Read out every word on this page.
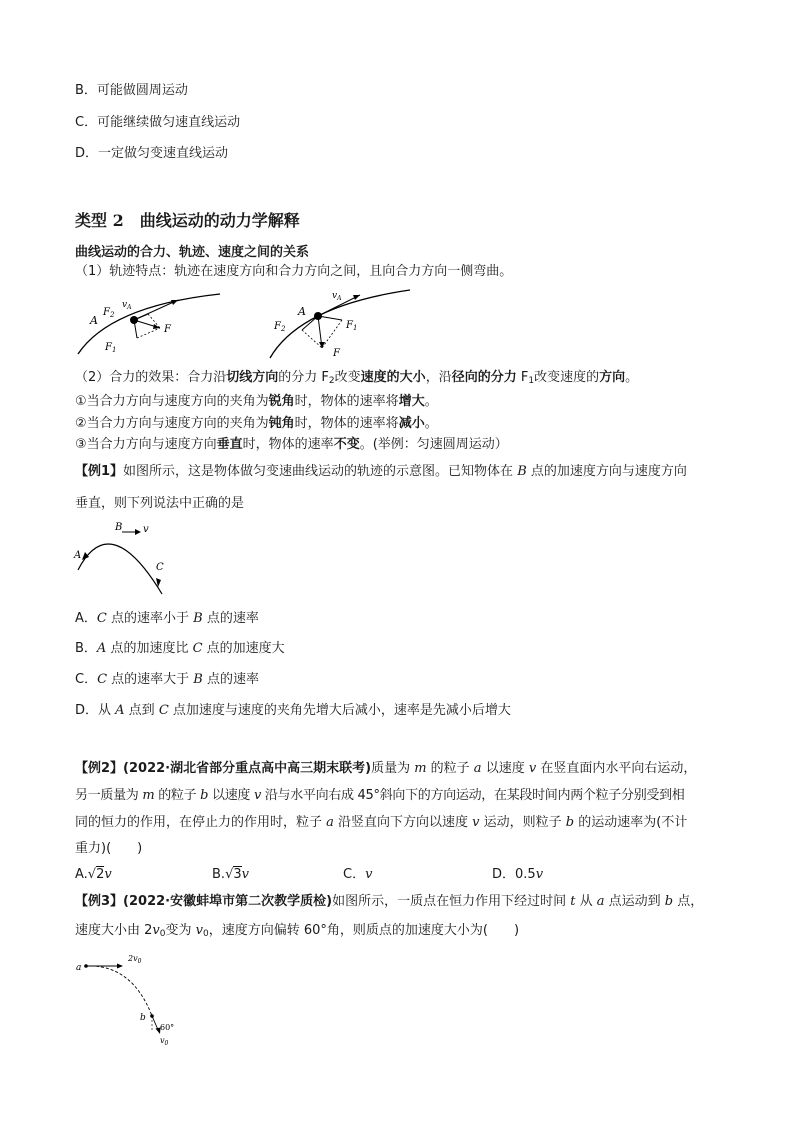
B．可能做圆周运动
C．可能继续做匀速直线运动
D．一定做匀变速直线运动
类型 2　曲线运动的动力学解释
曲线运动的合力、轨迹、速度之间的关系
（1）轨迹特点：轨迹在速度方向和合力方向之间，且向合力方向一侧弯曲。
$v_A$
A
$F_2$
F
$F_1$
A
$v_A$
$F_2$	$F_1$
F
（2）合力的效果：合力沿切线方向的分力 $F_2$改变速度的大小，沿径向的分力 $F_1$改变速度的方向。
①当合力方向与速度方向的夹角为锐角时，物体的速率将增大。
②当合力方向与速度方向的夹角为钝角时，物体的速率将减小。
③当合力方向与速度方向垂直时，物体的速率不变。(举例：匀速圆周运动）
【例1】如图所示，这是物体做匀变速曲线运动的轨迹的示意图。已知物体在 B 点的加速度方向与速度方向
垂直，则下列说法中正确的是
B v
A
C
A．C 点的速率小于 B 点的速率
B．A 点的加速度比 C 点的加速度大
C．C 点的速率大于 B 点的速率
D．从 A 点到 C 点加速度与速度的夹角先增大后减小，速率是先减小后增大
【例2】(2022·湖北省部分重点高中高三期末联考)质量为 m 的粒子 a 以速度 v 在竖直面内水平向右运动，
另一质量为 m 的粒子 b 以速度 v 沿与水平向右成 45°斜向下的方向运动，在某段时间内两个粒子分别受到相
同的恒力的作用，在停止力的作用时，粒子 a 沿竖直向下方向以速度 v 运动，则粒子 b 的运动速率为(不计
重力)(　　)
A.√2v	B.√3v	C．v	D．0.5v
【例3】(2022·安徽蚌埠市第二次教学质检)如图所示，一质点在恒力作用下经过时间 t 从 a 点运动到 b 点，
速度大小由 $2v_0$变为 $v_0$，速度方向偏转 60°角，则质点的加速度大小为(　　)
a
$2v_0$
b
60°
$v_0$
